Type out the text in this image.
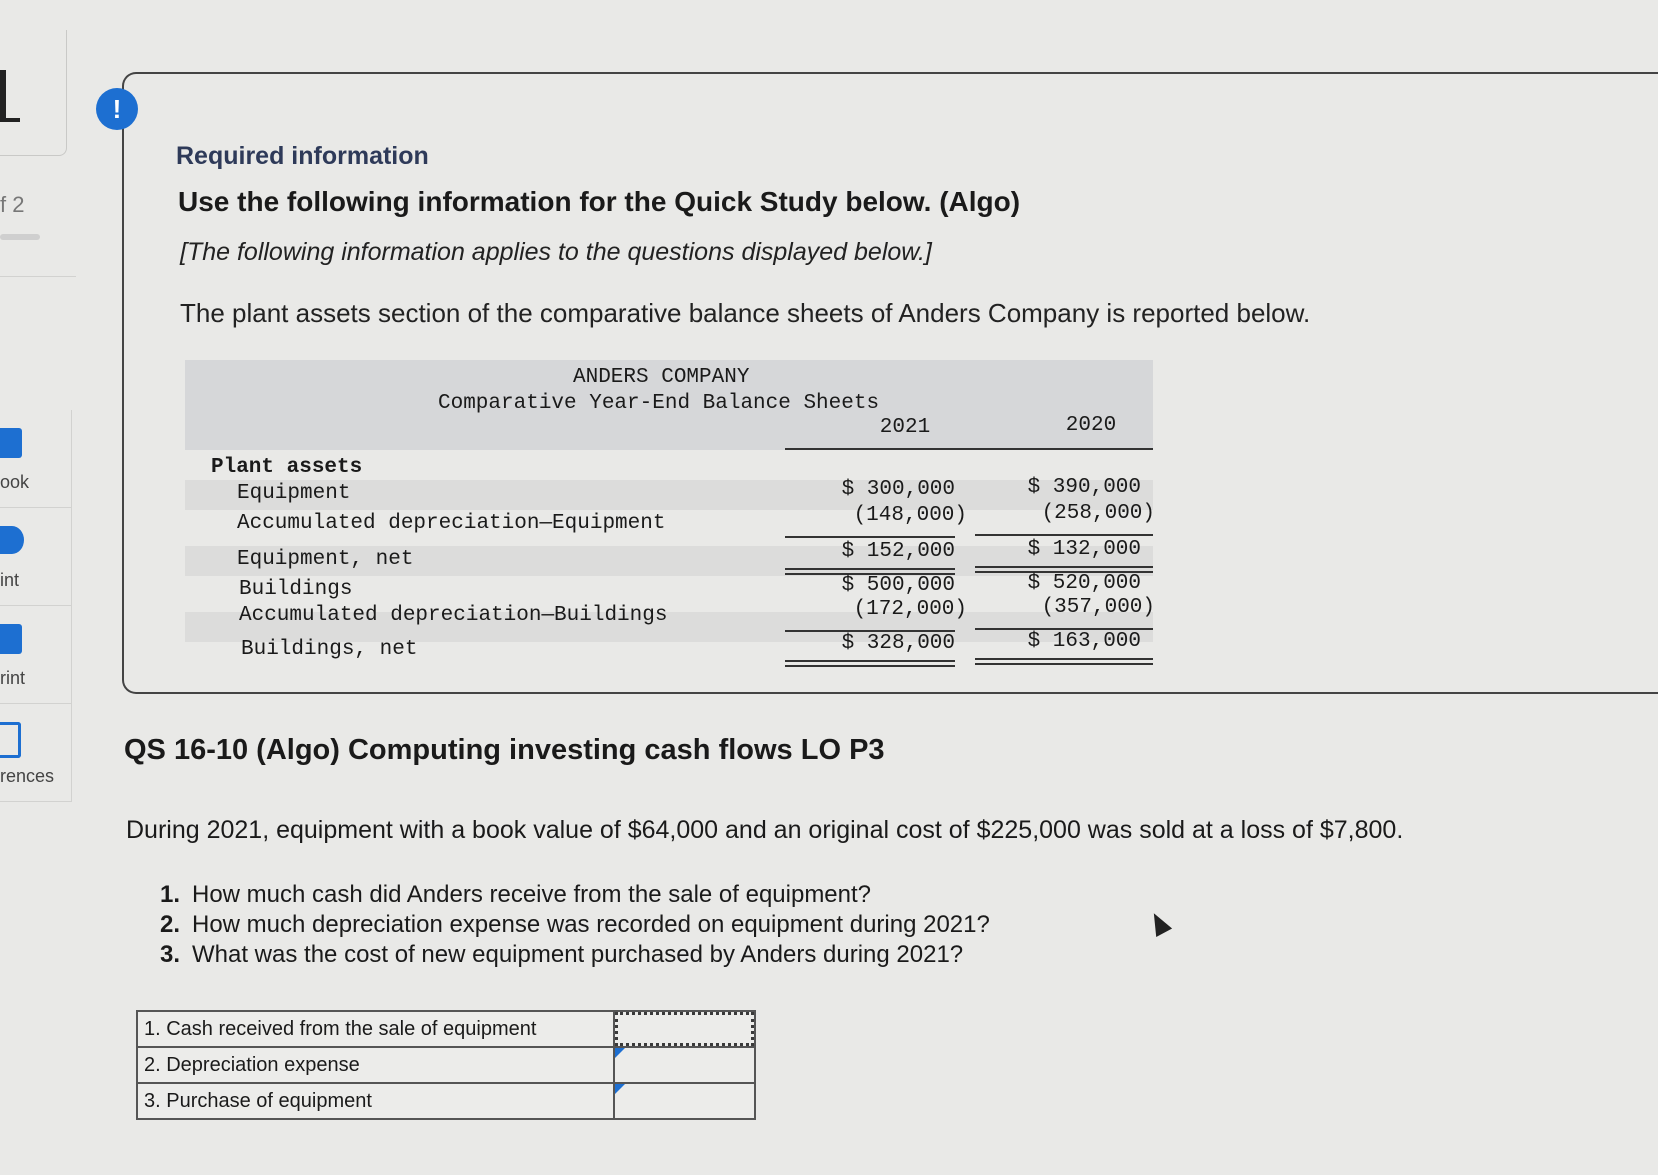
f 2
ook
int
rint
rences
!
Required information
Use the following information for the Quick Study below. (Algo)
[The following information applies to the questions displayed below.]
The plant assets section of the comparative balance sheets of Anders Company is reported below.
ANDERS COMPANY
Comparative Year-End Balance Sheets
2021	2020
Plant assets
Equipment	$ 300,000	$ 390,000
Accumulated depreciation—Equipment	(148,000)	(258,000)
Equipment, net	$ 152,000	$ 132,000
Buildings	$ 500,000	$ 520,000
Accumulated depreciation—Buildings	(172,000)	(357,000)
Buildings, net	$ 328,000	$ 163,000
QS 16-10 (Algo) Computing investing cash flows LO P3
During 2021, equipment with a book value of $64,000 and an original cost of $225,000 was sold at a loss of $7,800.
1. How much cash did Anders receive from the sale of equipment?
2. How much depreciation expense was recorded on equipment during 2021?
3. What was the cost of new equipment purchased by Anders during 2021?
1. Cash received from the sale of equipment	
2. Depreciation expense	

3. Purchase of equipment	
